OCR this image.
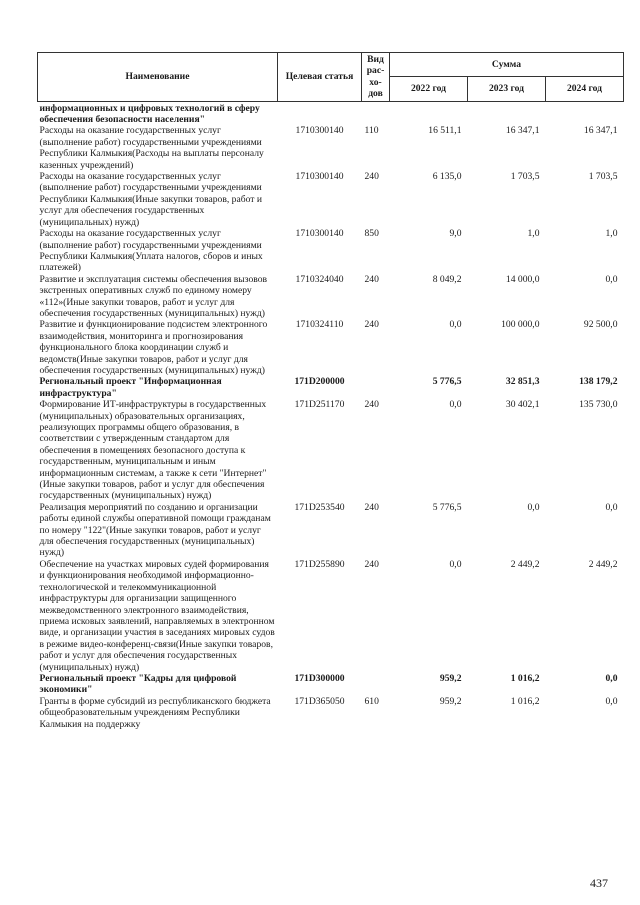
Наименование	Целевая статья	Вид рас-хо-дов	Сумма		
			2022 год	2023 год	2024 год
информационных и цифровых технологий в сферу обеспечения безопасности населения"					
Расходы на оказание государственных услуг (выполнение работ) государственными учреждениями Республики Калмыкия(Расходы на выплаты персоналу казенных учреждений)	1710300140	110	16 511,1	16 347,1	16 347,1
Расходы на оказание государственных услуг (выполнение работ) государственными учреждениями Республики Калмыкия(Иные закупки товаров, работ и услуг для обеспечения государственных (муниципальных) нужд)	1710300140	240	6 135,0	1 703,5	1 703,5
Расходы на оказание государственных услуг (выполнение работ) государственными учреждениями Республики Калмыкия(Уплата налогов, сборов и иных платежей)	1710300140	850	9,0	1,0	1,0
Развитие и эксплуатация системы обеспечения вызовов экстренных оперативных служб по единому номеру «112»(Иные закупки товаров, работ и услуг для обеспечения государственных (муниципальных) нужд)	1710324040	240	8 049,2	14 000,0	0,0
Развитие и функционирование подсистем электронного взаимодействия, мониторинга и прогнозирования функционального блока координации служб и ведомств(Иные закупки товаров, работ и услуг для обеспечения государственных (муниципальных) нужд)	1710324110	240	0,0	100 000,0	92 500,0
Региональный проект "Информационная инфраструктура"	171D200000		5 776,5	32 851,3	138 179,2
Формирование ИТ-инфраструктуры в государственных (муниципальных) образовательных организациях, реализующих программы общего образования, в соответствии с утвержденным стандартом для обеспечения в помещениях безопасного доступа к государственным, муниципальным и иным информационным системам, а также к сети "Интернет"(Иные закупки товаров, работ и услуг для обеспечения государственных (муниципальных) нужд)	171D251170	240	0,0	30 402,1	135 730,0
Реализация мероприятий по созданию и организации работы единой службы оперативной помощи гражданам по номеру "122"(Иные закупки товаров, работ и услуг для обеспечения государственных (муниципальных) нужд)	171D253540	240	5 776,5	0,0	0,0
Обеспечение на участках мировых судей формирования и функционирования необходимой информационно-технологической и телекоммуникационной инфраструктуры для организации защищенного межведомственного электронного взаимодействия, приема исковых заявлений, направляемых в электронном виде, и организации участия в заседаниях мировых судов в режиме видео-конференц-связи(Иные закупки товаров, работ и услуг для обеспечения государственных (муниципальных) нужд)	171D255890	240	0,0	2 449,2	2 449,2
Региональный проект "Кадры для цифровой экономики"	171D300000		959,2	1 016,2	0,0
Гранты в форме субсидий из республиканского бюджета общеобразовательным учреждениям Республики Калмыкия на поддержку	171D365050	610	959,2	1 016,2	0,0
437
